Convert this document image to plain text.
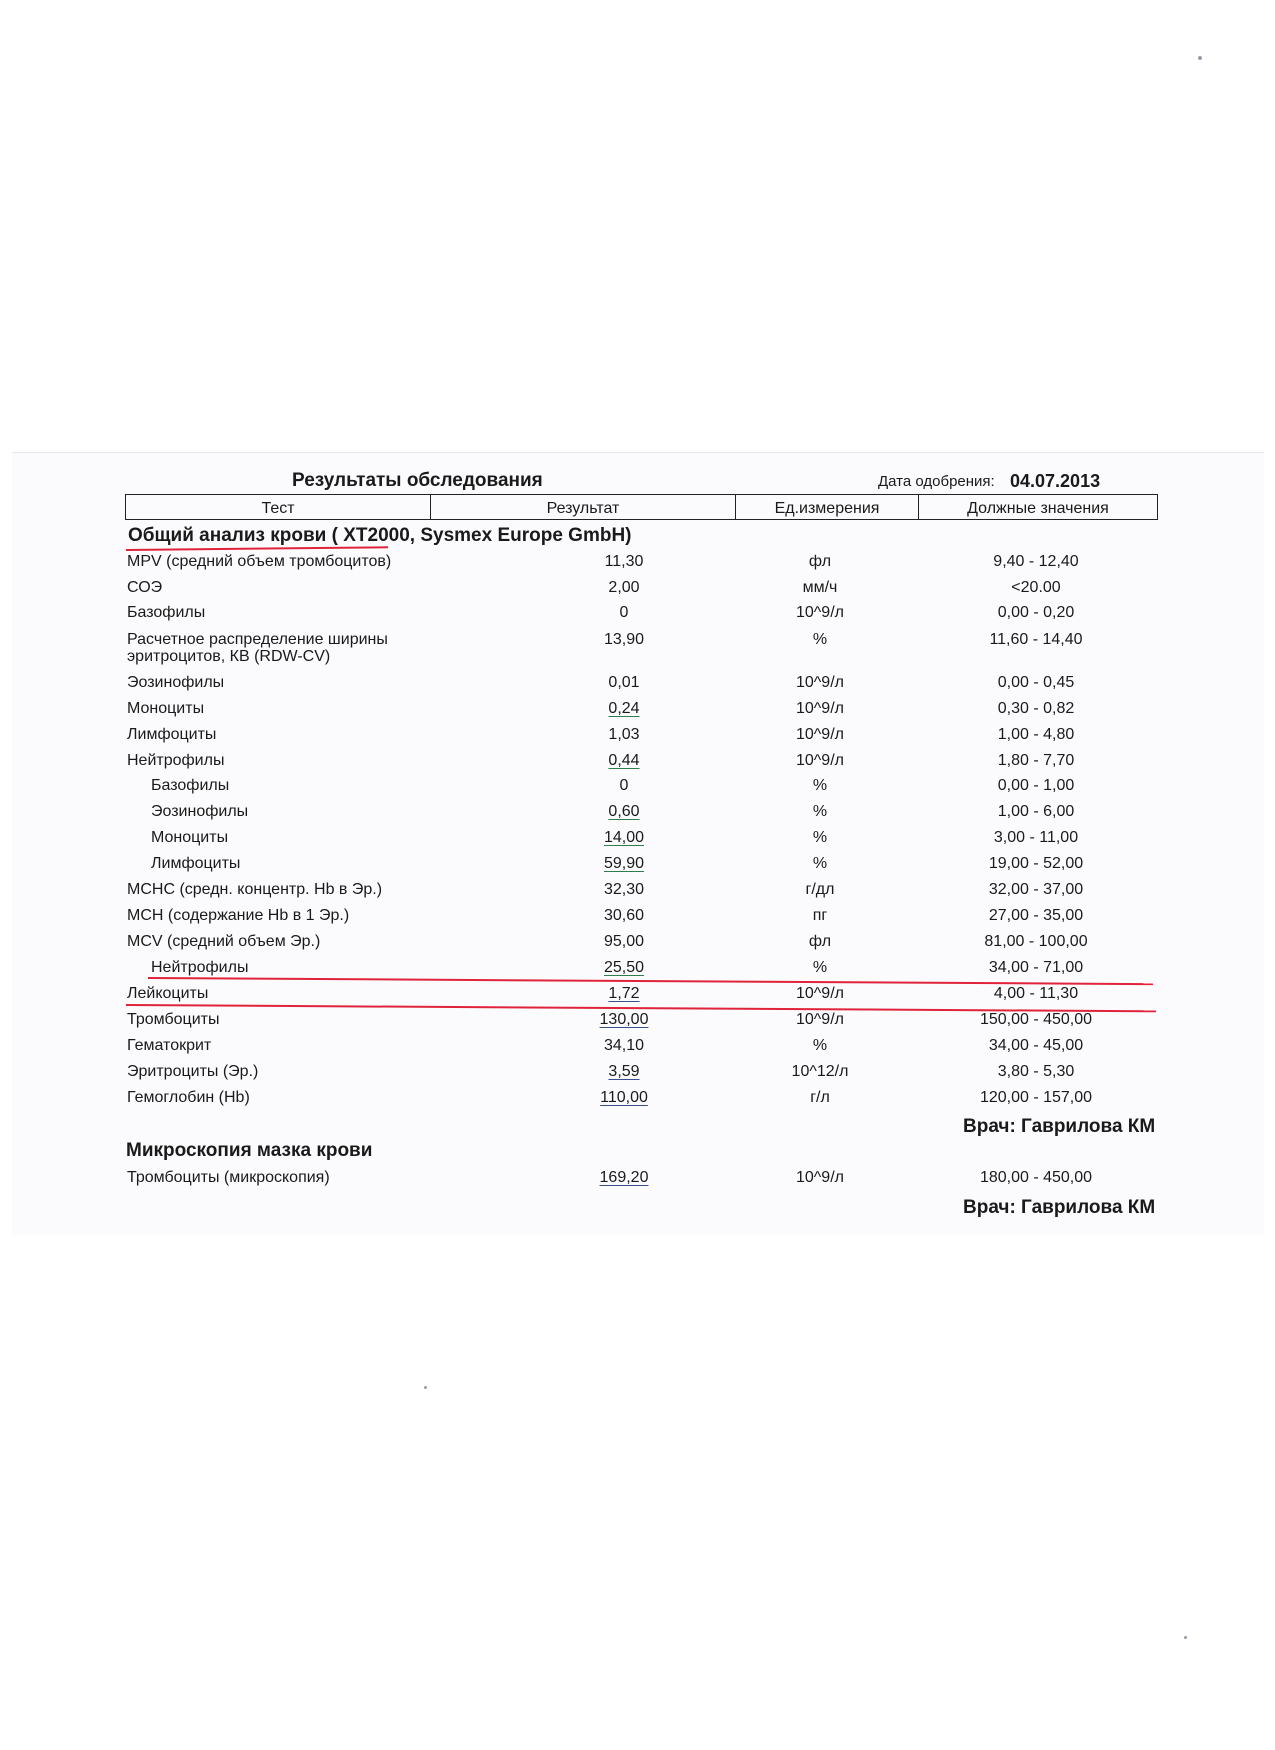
Результаты обследования	Дата одобрения: 04.07.2013
Тест	Результат	Ед.измерения	Должные значения
Общий анализ крови ( XT2000, Sysmex Europe GmbH)
MPV (средний объем тромбоцитов)	11,30	фл	9,40 - 12,40
СОЭ	2,00	мм/ч	<20.00
Базофилы	0	10^9/л	0,00 - 0,20
Расчетное распределение ширины
эритроцитов, КВ (RDW-CV)
13,90	%	11,60 - 14,40
Эозинофилы	0,01	10^9/л	0,00 - 0,45
Моноциты	0,24	10^9/л	0,30 - 0,82
Лимфоциты	1,03	10^9/л	1,00 - 4,80
Нейтрофилы	0,44	10^9/л	1,80 - 7,70
Базофилы	0	%	0,00 - 1,00
Эозинофилы	0,60	%	1,00 - 6,00
Моноциты	14,00	%	3,00 - 11,00
Лимфоциты	59,90	%	19,00 - 52,00
MCHC (средн. концентр. Hb в Эр.)	32,30	г/дл	32,00 - 37,00
MCH (содержание Hb в 1 Эр.)	30,60	пг	27,00 - 35,00
MCV (средний объем Эр.)	95,00	фл	81,00 - 100,00
Нейтрофилы	25,50	%	34,00 - 71,00
Лейкоциты	1,72	10^9/л	4,00 - 11,30
Тромбоциты	130,00	10^9/л	150,00 - 450,00
Гематокрит	34,10	%	34,00 - 45,00
Эритроциты (Эр.)	3,59	10^12/л	3,80 - 5,30
Гемоглобин (Hb)	110,00	г/л	120,00 - 157,00
Врач: Гаврилова КМ
Микроскопия мазка крови
Тромбоциты (микроскопия)	169,20	10^9/л	180,00 - 450,00
Врач: Гаврилова КМ
